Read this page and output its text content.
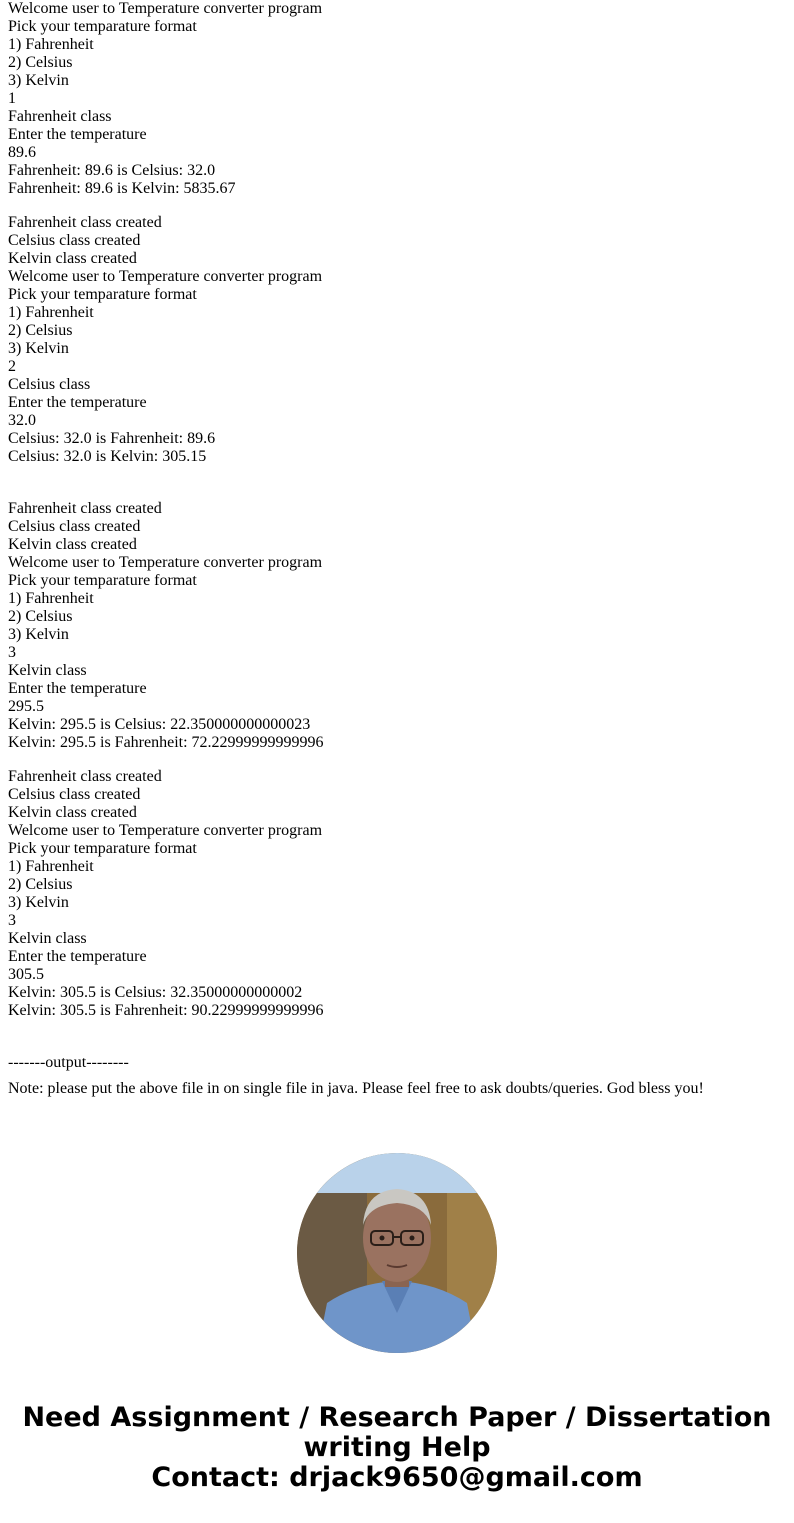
Welcome user to Temperature converter program
Pick your temparature format
1) Fahrenheit
2) Celsius
3) Kelvin
1
Fahrenheit class
Enter the temperature
89.6
Fahrenheit: 89.6 is Celsius: 32.0
Fahrenheit: 89.6 is Kelvin: 5835.67
Fahrenheit class created
Celsius class created
Kelvin class created
Welcome user to Temperature converter program
Pick your temparature format
1) Fahrenheit
2) Celsius
3) Kelvin
2
Celsius class
Enter the temperature
32.0
Celsius: 32.0 is Fahrenheit: 89.6
Celsius: 32.0 is Kelvin: 305.15
Fahrenheit class created
Celsius class created
Kelvin class created
Welcome user to Temperature converter program
Pick your temparature format
1) Fahrenheit
2) Celsius
3) Kelvin
3
Kelvin class
Enter the temperature
295.5
Kelvin: 295.5 is Celsius: 22.350000000000023
Kelvin: 295.5 is Fahrenheit: 72.22999999999996
Fahrenheit class created
Celsius class created
Kelvin class created
Welcome user to Temperature converter program
Pick your temparature format
1) Fahrenheit
2) Celsius
3) Kelvin
3
Kelvin class
Enter the temperature
305.5
Kelvin: 305.5 is Celsius: 32.35000000000002
Kelvin: 305.5 is Fahrenheit: 90.22999999999996
-------output--------
Note: please put the above file in on single file in java. Please feel free to ask doubts/queries. God bless you!
Need Assignment / Research Paper / Dissertation
writing Help
Contact: drjack9650@gmail.com
